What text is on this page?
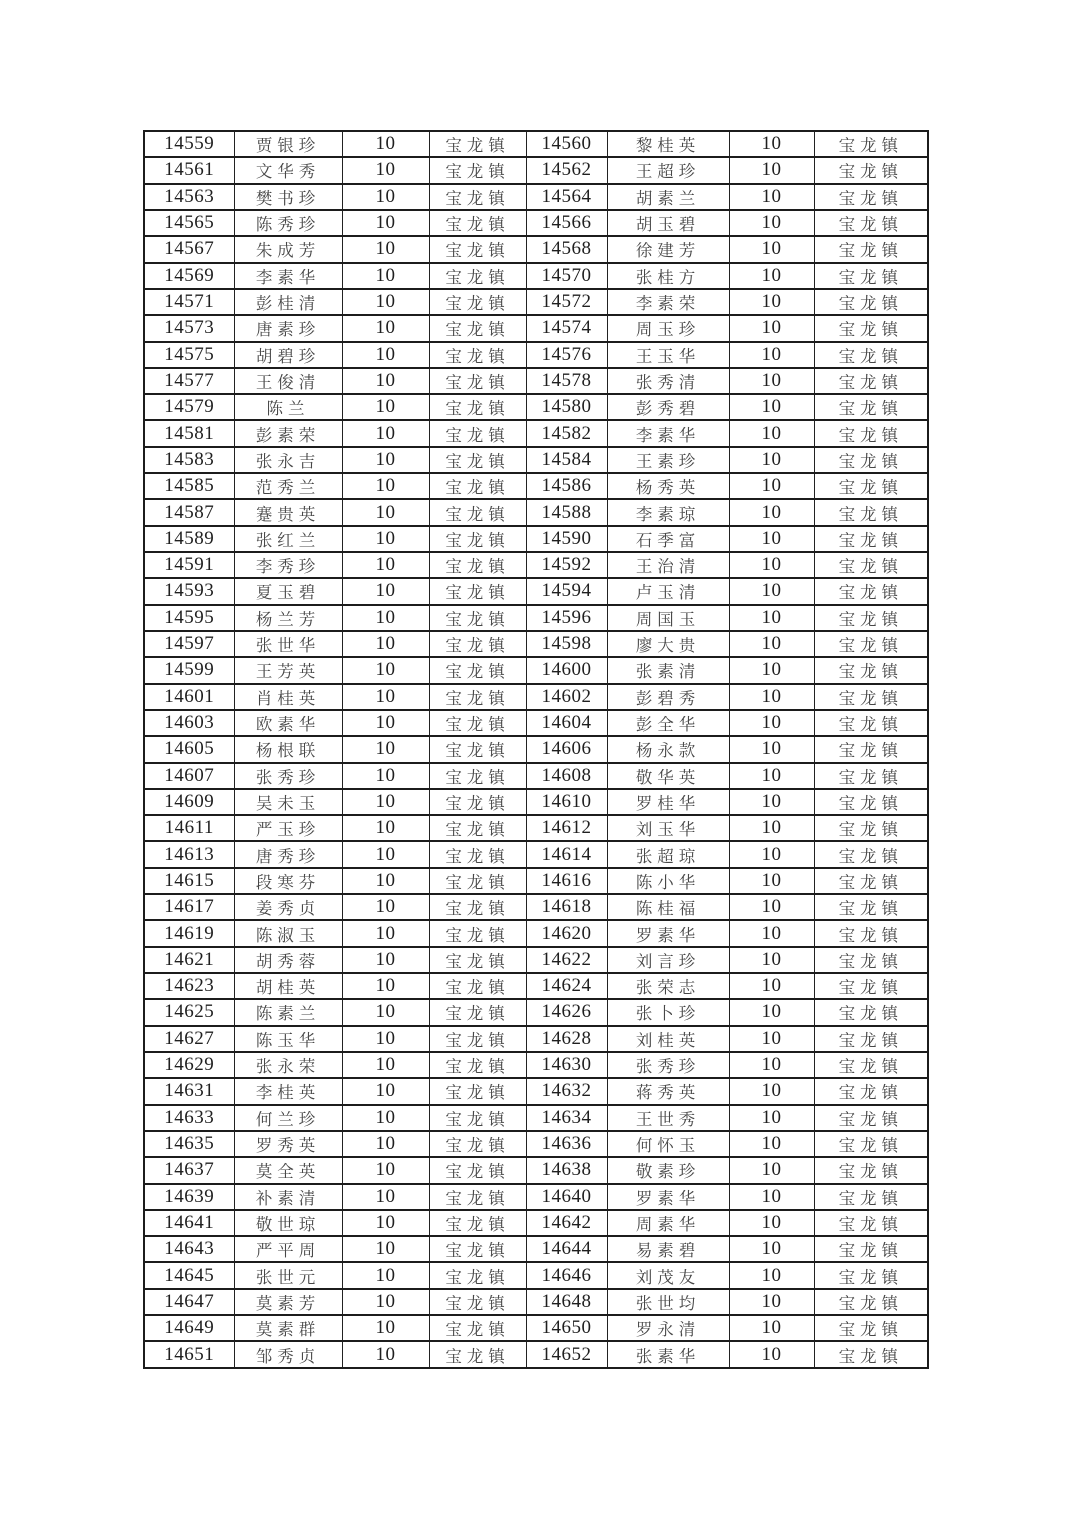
14559	贾银珍	10	宝龙镇	14560	黎桂英	10	宝龙镇
14561	文华秀	10	宝龙镇	14562	王超珍	10	宝龙镇
14563	樊书珍	10	宝龙镇	14564	胡素兰	10	宝龙镇
14565	陈秀珍	10	宝龙镇	14566	胡玉碧	10	宝龙镇
14567	朱成芳	10	宝龙镇	14568	徐建芳	10	宝龙镇
14569	李素华	10	宝龙镇	14570	张桂方	10	宝龙镇
14571	彭桂清	10	宝龙镇	14572	李素荣	10	宝龙镇
14573	唐素珍	10	宝龙镇	14574	周玉珍	10	宝龙镇
14575	胡碧珍	10	宝龙镇	14576	王玉华	10	宝龙镇
14577	王俊清	10	宝龙镇	14578	张秀清	10	宝龙镇
14579	陈兰	10	宝龙镇	14580	彭秀碧	10	宝龙镇
14581	彭素荣	10	宝龙镇	14582	李素华	10	宝龙镇
14583	张永吉	10	宝龙镇	14584	王素珍	10	宝龙镇
14585	范秀兰	10	宝龙镇	14586	杨秀英	10	宝龙镇
14587	蹇贵英	10	宝龙镇	14588	李素琼	10	宝龙镇
14589	张红兰	10	宝龙镇	14590	石季富	10	宝龙镇
14591	李秀珍	10	宝龙镇	14592	王治清	10	宝龙镇
14593	夏玉碧	10	宝龙镇	14594	卢玉清	10	宝龙镇
14595	杨兰芳	10	宝龙镇	14596	周国玉	10	宝龙镇
14597	张世华	10	宝龙镇	14598	廖大贵	10	宝龙镇
14599	王芳英	10	宝龙镇	14600	张素清	10	宝龙镇
14601	肖桂英	10	宝龙镇	14602	彭碧秀	10	宝龙镇
14603	欧素华	10	宝龙镇	14604	彭全华	10	宝龙镇
14605	杨根联	10	宝龙镇	14606	杨永款	10	宝龙镇
14607	张秀珍	10	宝龙镇	14608	敬华英	10	宝龙镇
14609	吴未玉	10	宝龙镇	14610	罗桂华	10	宝龙镇
14611	严玉珍	10	宝龙镇	14612	刘玉华	10	宝龙镇
14613	唐秀珍	10	宝龙镇	14614	张超琼	10	宝龙镇
14615	段寒芬	10	宝龙镇	14616	陈小华	10	宝龙镇
14617	姜秀贞	10	宝龙镇	14618	陈桂福	10	宝龙镇
14619	陈淑玉	10	宝龙镇	14620	罗素华	10	宝龙镇
14621	胡秀蓉	10	宝龙镇	14622	刘言珍	10	宝龙镇
14623	胡桂英	10	宝龙镇	14624	张荣志	10	宝龙镇
14625	陈素兰	10	宝龙镇	14626	张卜珍	10	宝龙镇
14627	陈玉华	10	宝龙镇	14628	刘桂英	10	宝龙镇
14629	张永荣	10	宝龙镇	14630	张秀珍	10	宝龙镇
14631	李桂英	10	宝龙镇	14632	蒋秀英	10	宝龙镇
14633	何兰珍	10	宝龙镇	14634	王世秀	10	宝龙镇
14635	罗秀英	10	宝龙镇	14636	何怀玉	10	宝龙镇
14637	莫全英	10	宝龙镇	14638	敬素珍	10	宝龙镇
14639	补素清	10	宝龙镇	14640	罗素华	10	宝龙镇
14641	敬世琼	10	宝龙镇	14642	周素华	10	宝龙镇
14643	严平周	10	宝龙镇	14644	易素碧	10	宝龙镇
14645	张世元	10	宝龙镇	14646	刘茂友	10	宝龙镇
14647	莫素芳	10	宝龙镇	14648	张世均	10	宝龙镇
14649	莫素群	10	宝龙镇	14650	罗永清	10	宝龙镇
14651	邹秀贞	10	宝龙镇	14652	张素华	10	宝龙镇
